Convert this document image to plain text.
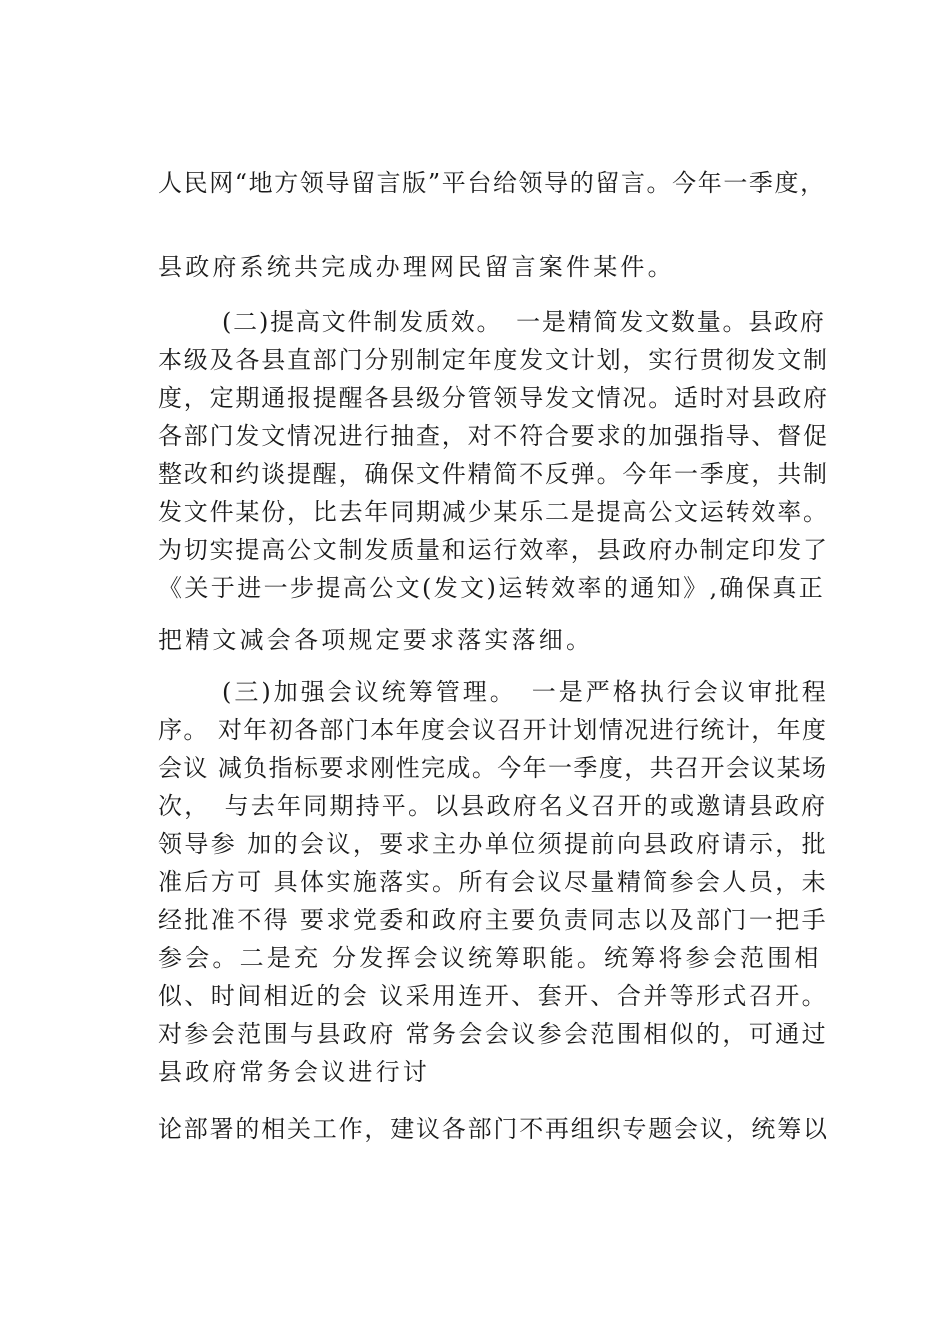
人民网“地方领导留言版”平台给领导的留言。今年一季度，
县政府系统共完成办理网民留言案件某件。
(二)提高文件制发质效。　一是精简发文数量。县政府
本级及各县直部门分别制定年度发文计划，实行贯彻发文制
度，定期通报提醒各县级分管领导发文情况。适时对县政府
各部门发文情况进行抽查，对不符合要求的加强指导、督促
整改和约谈提醒，确保文件精简不反弹。今年一季度，共制
发文件某份，比去年同期减少某乐二是提高公文运转效率。
为切实提高公文制发质量和运行效率，县政府办制定印发了
《关于进一步提高公文(发文)运转效率的通知》,确保真正
把精文减会各项规定要求落实落细。
(三)加强会议统筹管理。　一是严格执行会议审批程
序。 对年初各部门本年度会议召开计划情况进行统计，年度
会议 减负指标要求刚性完成。今年一季度，共召开会议某场
次，　与去年同期持平。以县政府名义召开的或邀请县政府
领导参 加的会议，要求主办单位须提前向县政府请示，批
准后方可 具体实施落实。所有会议尽量精简参会人员，未
经批准不得 要求党委和政府主要负责同志以及部门一把手
参会。二是充 分发挥会议统筹职能。统筹将参会范围相
似、时间相近的会 议采用连开、套开、合并等形式召开。
对参会范围与县政府 常务会会议参会范围相似的，可通过
县政府常务会议进行讨
论部署的相关工作，建议各部门不再组织专题会议，统筹以
